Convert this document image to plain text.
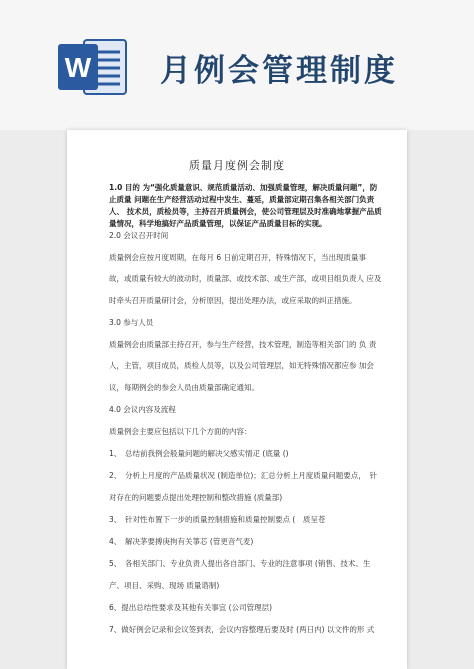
W 月例会管理制度
质量月度例会制度
1.0 目的 为“强化质量意识、规范质量活动、加强质量管理，解决质量问题”，防
止质量 问题在生产经营活动过程中发生、蔓延，质量部定期召集各相关部门负责
人、 技术员，质检员等，主持召开质量例会，使公司管理层及时准确地掌握产品质
量情况，科学地搞好产品质量管理，以保证产品质量目标的实现。
2.0 会议召开时间
质量例会应按月度周期，在每月 6 日前定期召开，特殊情况下，当出现质量事
故，或质量有较大的波动时，质量部、或技术部、或生产部，或项目组负责人 应及
时牵头召开质量研讨会，分析原因，提出处理办法，或应采取的纠正措施。
3.0 参与人员
质量例会由质量部主持召开，参与生产经营，技术管理，制造等相关部门的 负 责
人，主管，项目成员，质检人员等，以及公司管理层，如无特殊情况都应参 加会
议，每期例会的参会人员由质量部确定通知。
4.0 会议内容及流程
质量例会主要应包括以下几个方面的内容：
1、　总结前我例会般量问题的解决父感实情疋 (底量 ()
2、　分析上月度的产品质量状况 (制造单位)；汇总分析上月度质量问题要点，　针
对存在的问题要点提出处理控制和整改措施 (质量部)
3、　针对性布置下一步的质量控制措施和质量控制要点 (　质呈苍
4、　解决茅要搏庚拘有关箏芯 (管更音气麦)
5、　各相关部门、专业负责人提出各自部门、专业的注意事项 (销售、技术、生
产、项目、采购、现场 质量谘制)
6、提出总结性要求及其他有关事宜 (公司管理层)
7、做好例会记录和会议签到表，会议内容整理后要及时 (两日内) 以文件的形 式
